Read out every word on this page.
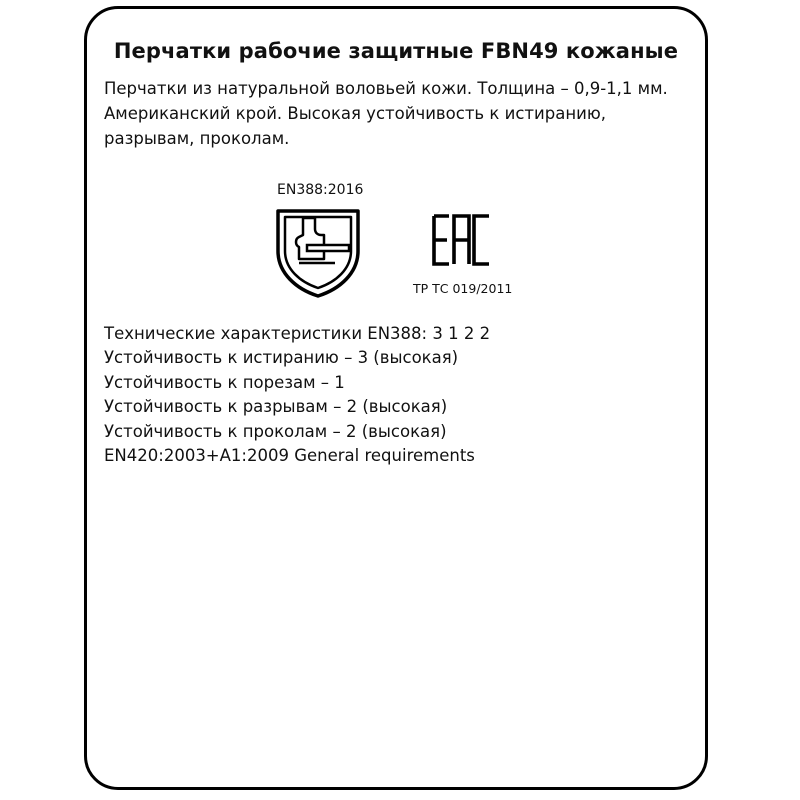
Перчатки рабочие защитные FBN49 кожаные

Перчатки из натуральной воловьей кожи. Толщина – 0,9-1,1 мм.
Американский крой. Высокая устойчивость к истиранию,
разрывам, проколам.

EN388:2016

ТР ТС 019/2011

Технические характеристики EN388: 3 1 2 2
Устойчивость к истиранию – 3 (высокая)
Устойчивость к порезам – 1
Устойчивость к разрывам – 2 (высокая)
Устойчивость к проколам – 2 (высокая)
EN420:2003+A1:2009 General requirements
